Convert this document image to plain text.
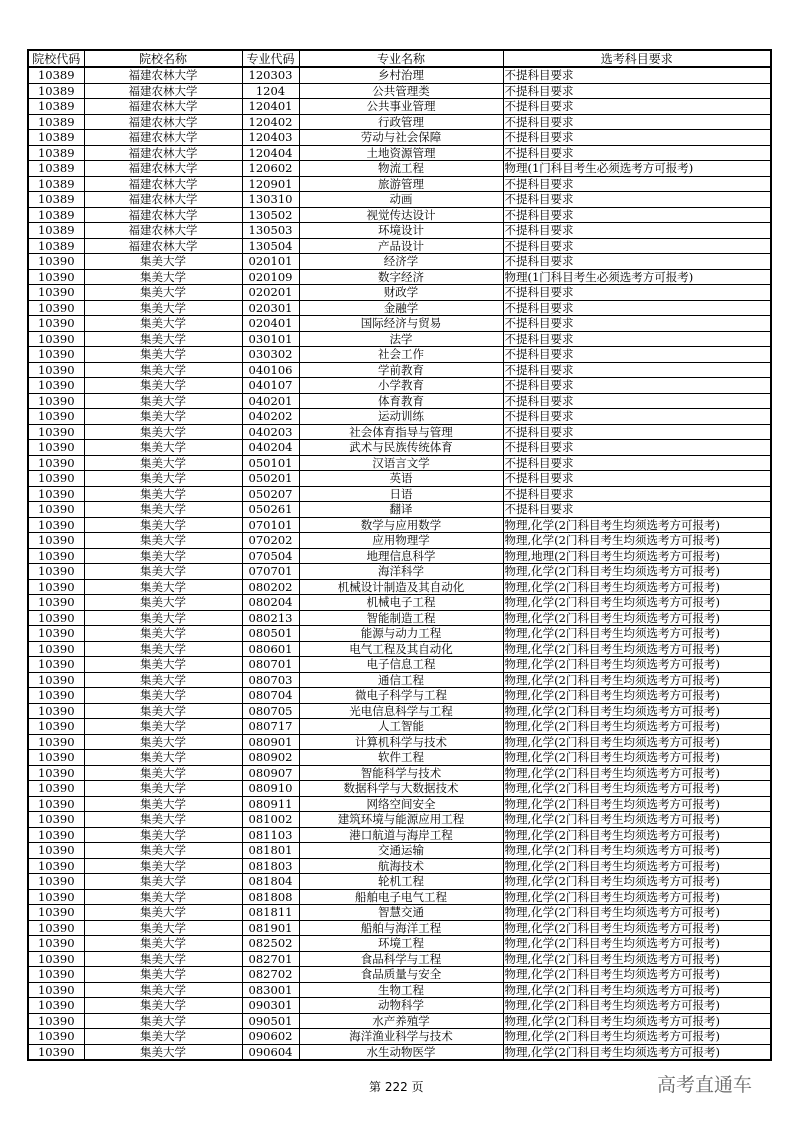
院校代码	院校名称	专业代码	专业名称	选考科目要求
10389	福建农林大学	120303	乡村治理	不提科目要求
10389	福建农林大学	1204	公共管理类	不提科目要求
10389	福建农林大学	120401	公共事业管理	不提科目要求
10389	福建农林大学	120402	行政管理	不提科目要求
10389	福建农林大学	120403	劳动与社会保障	不提科目要求
10389	福建农林大学	120404	土地资源管理	不提科目要求
10389	福建农林大学	120602	物流工程	物理(1门科目考生必须选考方可报考)
10389	福建农林大学	120901	旅游管理	不提科目要求
10389	福建农林大学	130310	动画	不提科目要求
10389	福建农林大学	130502	视觉传达设计	不提科目要求
10389	福建农林大学	130503	环境设计	不提科目要求
10389	福建农林大学	130504	产品设计	不提科目要求
10390	集美大学	020101	经济学	不提科目要求
10390	集美大学	020109	数字经济	物理(1门科目考生必须选考方可报考)
10390	集美大学	020201	财政学	不提科目要求
10390	集美大学	020301	金融学	不提科目要求
10390	集美大学	020401	国际经济与贸易	不提科目要求
10390	集美大学	030101	法学	不提科目要求
10390	集美大学	030302	社会工作	不提科目要求
10390	集美大学	040106	学前教育	不提科目要求
10390	集美大学	040107	小学教育	不提科目要求
10390	集美大学	040201	体育教育	不提科目要求
10390	集美大学	040202	运动训练	不提科目要求
10390	集美大学	040203	社会体育指导与管理	不提科目要求
10390	集美大学	040204	武术与民族传统体育	不提科目要求
10390	集美大学	050101	汉语言文学	不提科目要求
10390	集美大学	050201	英语	不提科目要求
10390	集美大学	050207	日语	不提科目要求
10390	集美大学	050261	翻译	不提科目要求
10390	集美大学	070101	数学与应用数学	物理,化学(2门科目考生均须选考方可报考)
10390	集美大学	070202	应用物理学	物理,化学(2门科目考生均须选考方可报考)
10390	集美大学	070504	地理信息科学	物理,地理(2门科目考生均须选考方可报考)
10390	集美大学	070701	海洋科学	物理,化学(2门科目考生均须选考方可报考)
10390	集美大学	080202	机械设计制造及其自动化	物理,化学(2门科目考生均须选考方可报考)
10390	集美大学	080204	机械电子工程	物理,化学(2门科目考生均须选考方可报考)
10390	集美大学	080213	智能制造工程	物理,化学(2门科目考生均须选考方可报考)
10390	集美大学	080501	能源与动力工程	物理,化学(2门科目考生均须选考方可报考)
10390	集美大学	080601	电气工程及其自动化	物理,化学(2门科目考生均须选考方可报考)
10390	集美大学	080701	电子信息工程	物理,化学(2门科目考生均须选考方可报考)
10390	集美大学	080703	通信工程	物理,化学(2门科目考生均须选考方可报考)
10390	集美大学	080704	微电子科学与工程	物理,化学(2门科目考生均须选考方可报考)
10390	集美大学	080705	光电信息科学与工程	物理,化学(2门科目考生均须选考方可报考)
10390	集美大学	080717	人工智能	物理,化学(2门科目考生均须选考方可报考)
10390	集美大学	080901	计算机科学与技术	物理,化学(2门科目考生均须选考方可报考)
10390	集美大学	080902	软件工程	物理,化学(2门科目考生均须选考方可报考)
10390	集美大学	080907	智能科学与技术	物理,化学(2门科目考生均须选考方可报考)
10390	集美大学	080910	数据科学与大数据技术	物理,化学(2门科目考生均须选考方可报考)
10390	集美大学	080911	网络空间安全	物理,化学(2门科目考生均须选考方可报考)
10390	集美大学	081002	建筑环境与能源应用工程	物理,化学(2门科目考生均须选考方可报考)
10390	集美大学	081103	港口航道与海岸工程	物理,化学(2门科目考生均须选考方可报考)
10390	集美大学	081801	交通运输	物理,化学(2门科目考生均须选考方可报考)
10390	集美大学	081803	航海技术	物理,化学(2门科目考生均须选考方可报考)
10390	集美大学	081804	轮机工程	物理,化学(2门科目考生均须选考方可报考)
10390	集美大学	081808	船舶电子电气工程	物理,化学(2门科目考生均须选考方可报考)
10390	集美大学	081811	智慧交通	物理,化学(2门科目考生均须选考方可报考)
10390	集美大学	081901	船舶与海洋工程	物理,化学(2门科目考生均须选考方可报考)
10390	集美大学	082502	环境工程	物理,化学(2门科目考生均须选考方可报考)
10390	集美大学	082701	食品科学与工程	物理,化学(2门科目考生均须选考方可报考)
10390	集美大学	082702	食品质量与安全	物理,化学(2门科目考生均须选考方可报考)
10390	集美大学	083001	生物工程	物理,化学(2门科目考生均须选考方可报考)
10390	集美大学	090301	动物科学	物理,化学(2门科目考生均须选考方可报考)
10390	集美大学	090501	水产养殖学	物理,化学(2门科目考生均须选考方可报考)
10390	集美大学	090602	海洋渔业科学与技术	物理,化学(2门科目考生均须选考方可报考)
10390	集美大学	090604	水生动物医学	物理,化学(2门科目考生均须选考方可报考)
第 222 页	高考直通车
